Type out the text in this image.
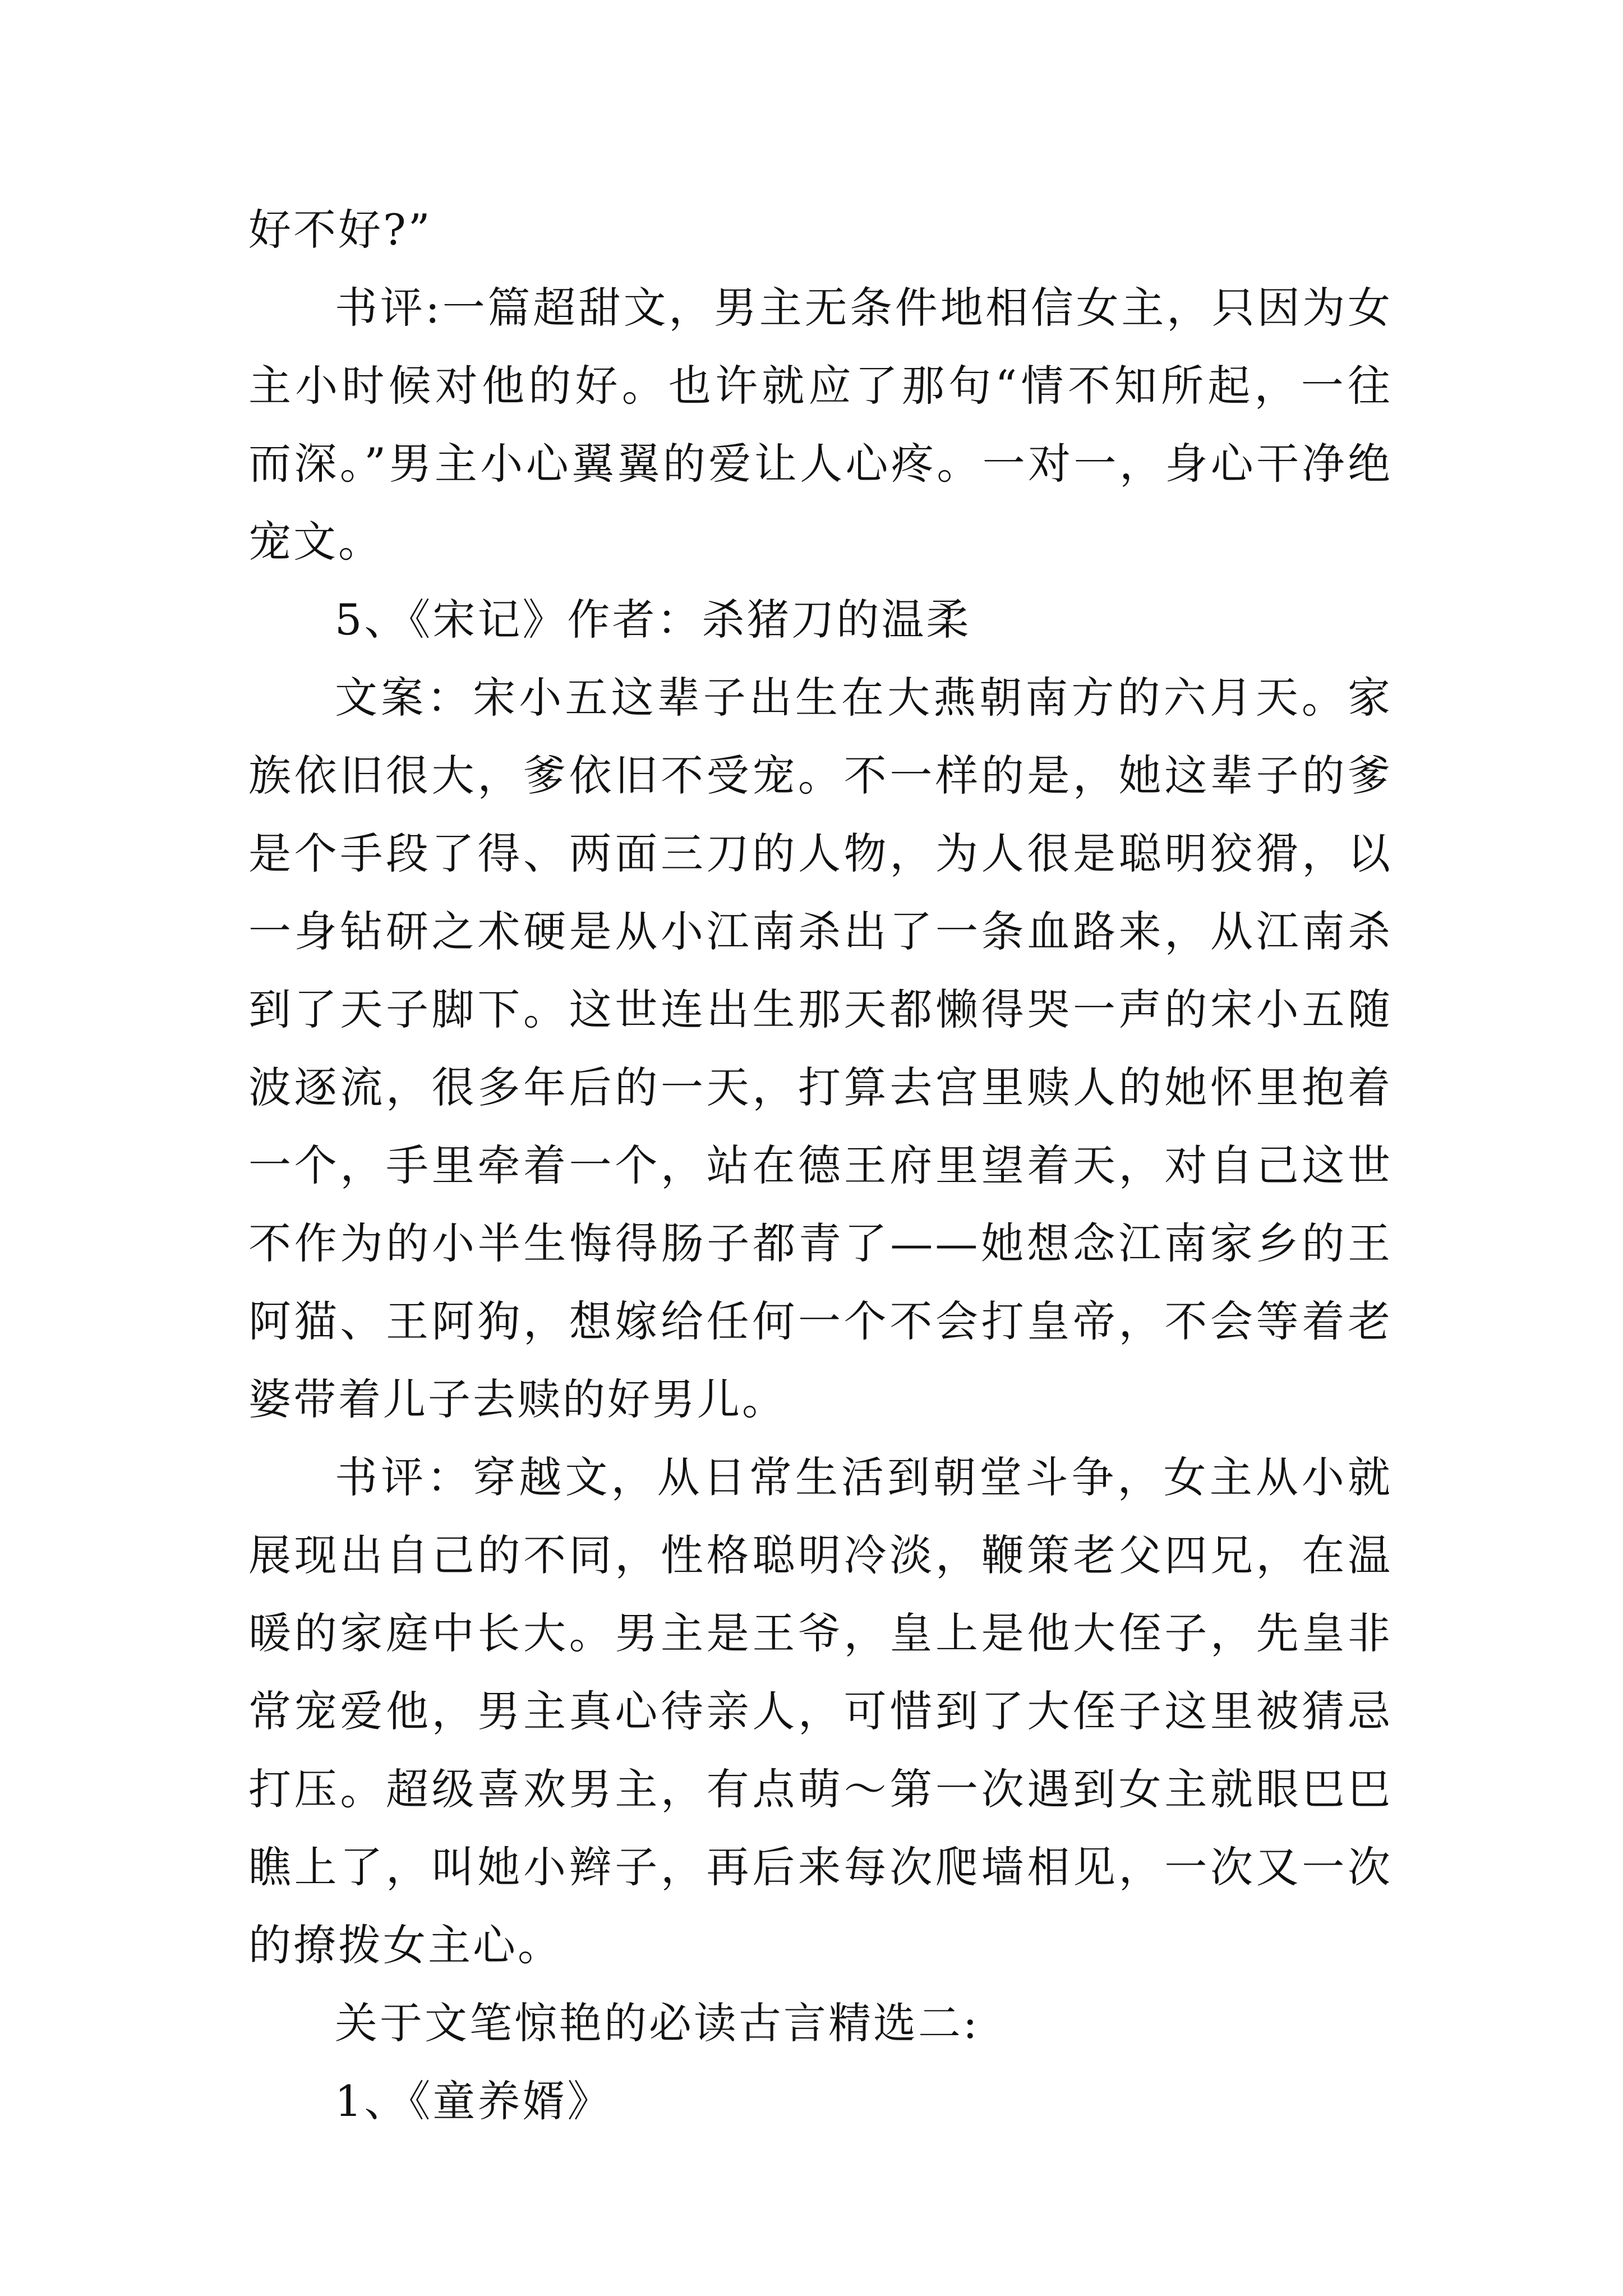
好不好?”

书评:一篇超甜文，男主无条件地相信女主，只因为女主小时候对他的好。也许就应了那句“情不知所起，一往而深。”男主小心翼翼的爱让人心疼。一对一，身心干净绝宠文。

5、《宋记》作者：杀猪刀的温柔

文案：宋小五这辈子出生在大燕朝南方的六月天。家族依旧很大，爹依旧不受宠。不一样的是，她这辈子的爹是个手段了得、两面三刀的人物，为人很是聪明狡猾，以一身钻研之术硬是从小江南杀出了一条血路来，从江南杀到了天子脚下。这世连出生那天都懒得哭一声的宋小五随波逐流，很多年后的一天，打算去宫里赎人的她怀里抱着一个，手里牵着一个，站在德王府里望着天，对自己这世不作为的小半生悔得肠子都青了——她想念江南家乡的王阿猫、王阿狗，想嫁给任何一个不会打皇帝，不会等着老婆带着儿子去赎的好男儿。

书评：穿越文，从日常生活到朝堂斗争，女主从小就展现出自己的不同，性格聪明冷淡，鞭策老父四兄，在温暖的家庭中长大。男主是王爷，皇上是他大侄子，先皇非常宠爱他，男主真心待亲人，可惜到了大侄子这里被猜忌打压。超级喜欢男主，有点萌～第一次遇到女主就眼巴巴瞧上了，叫她小辫子，再后来每次爬墙相见，一次又一次的撩拨女主心。

关于文笔惊艳的必读古言精选二:

1、《童养婿》
